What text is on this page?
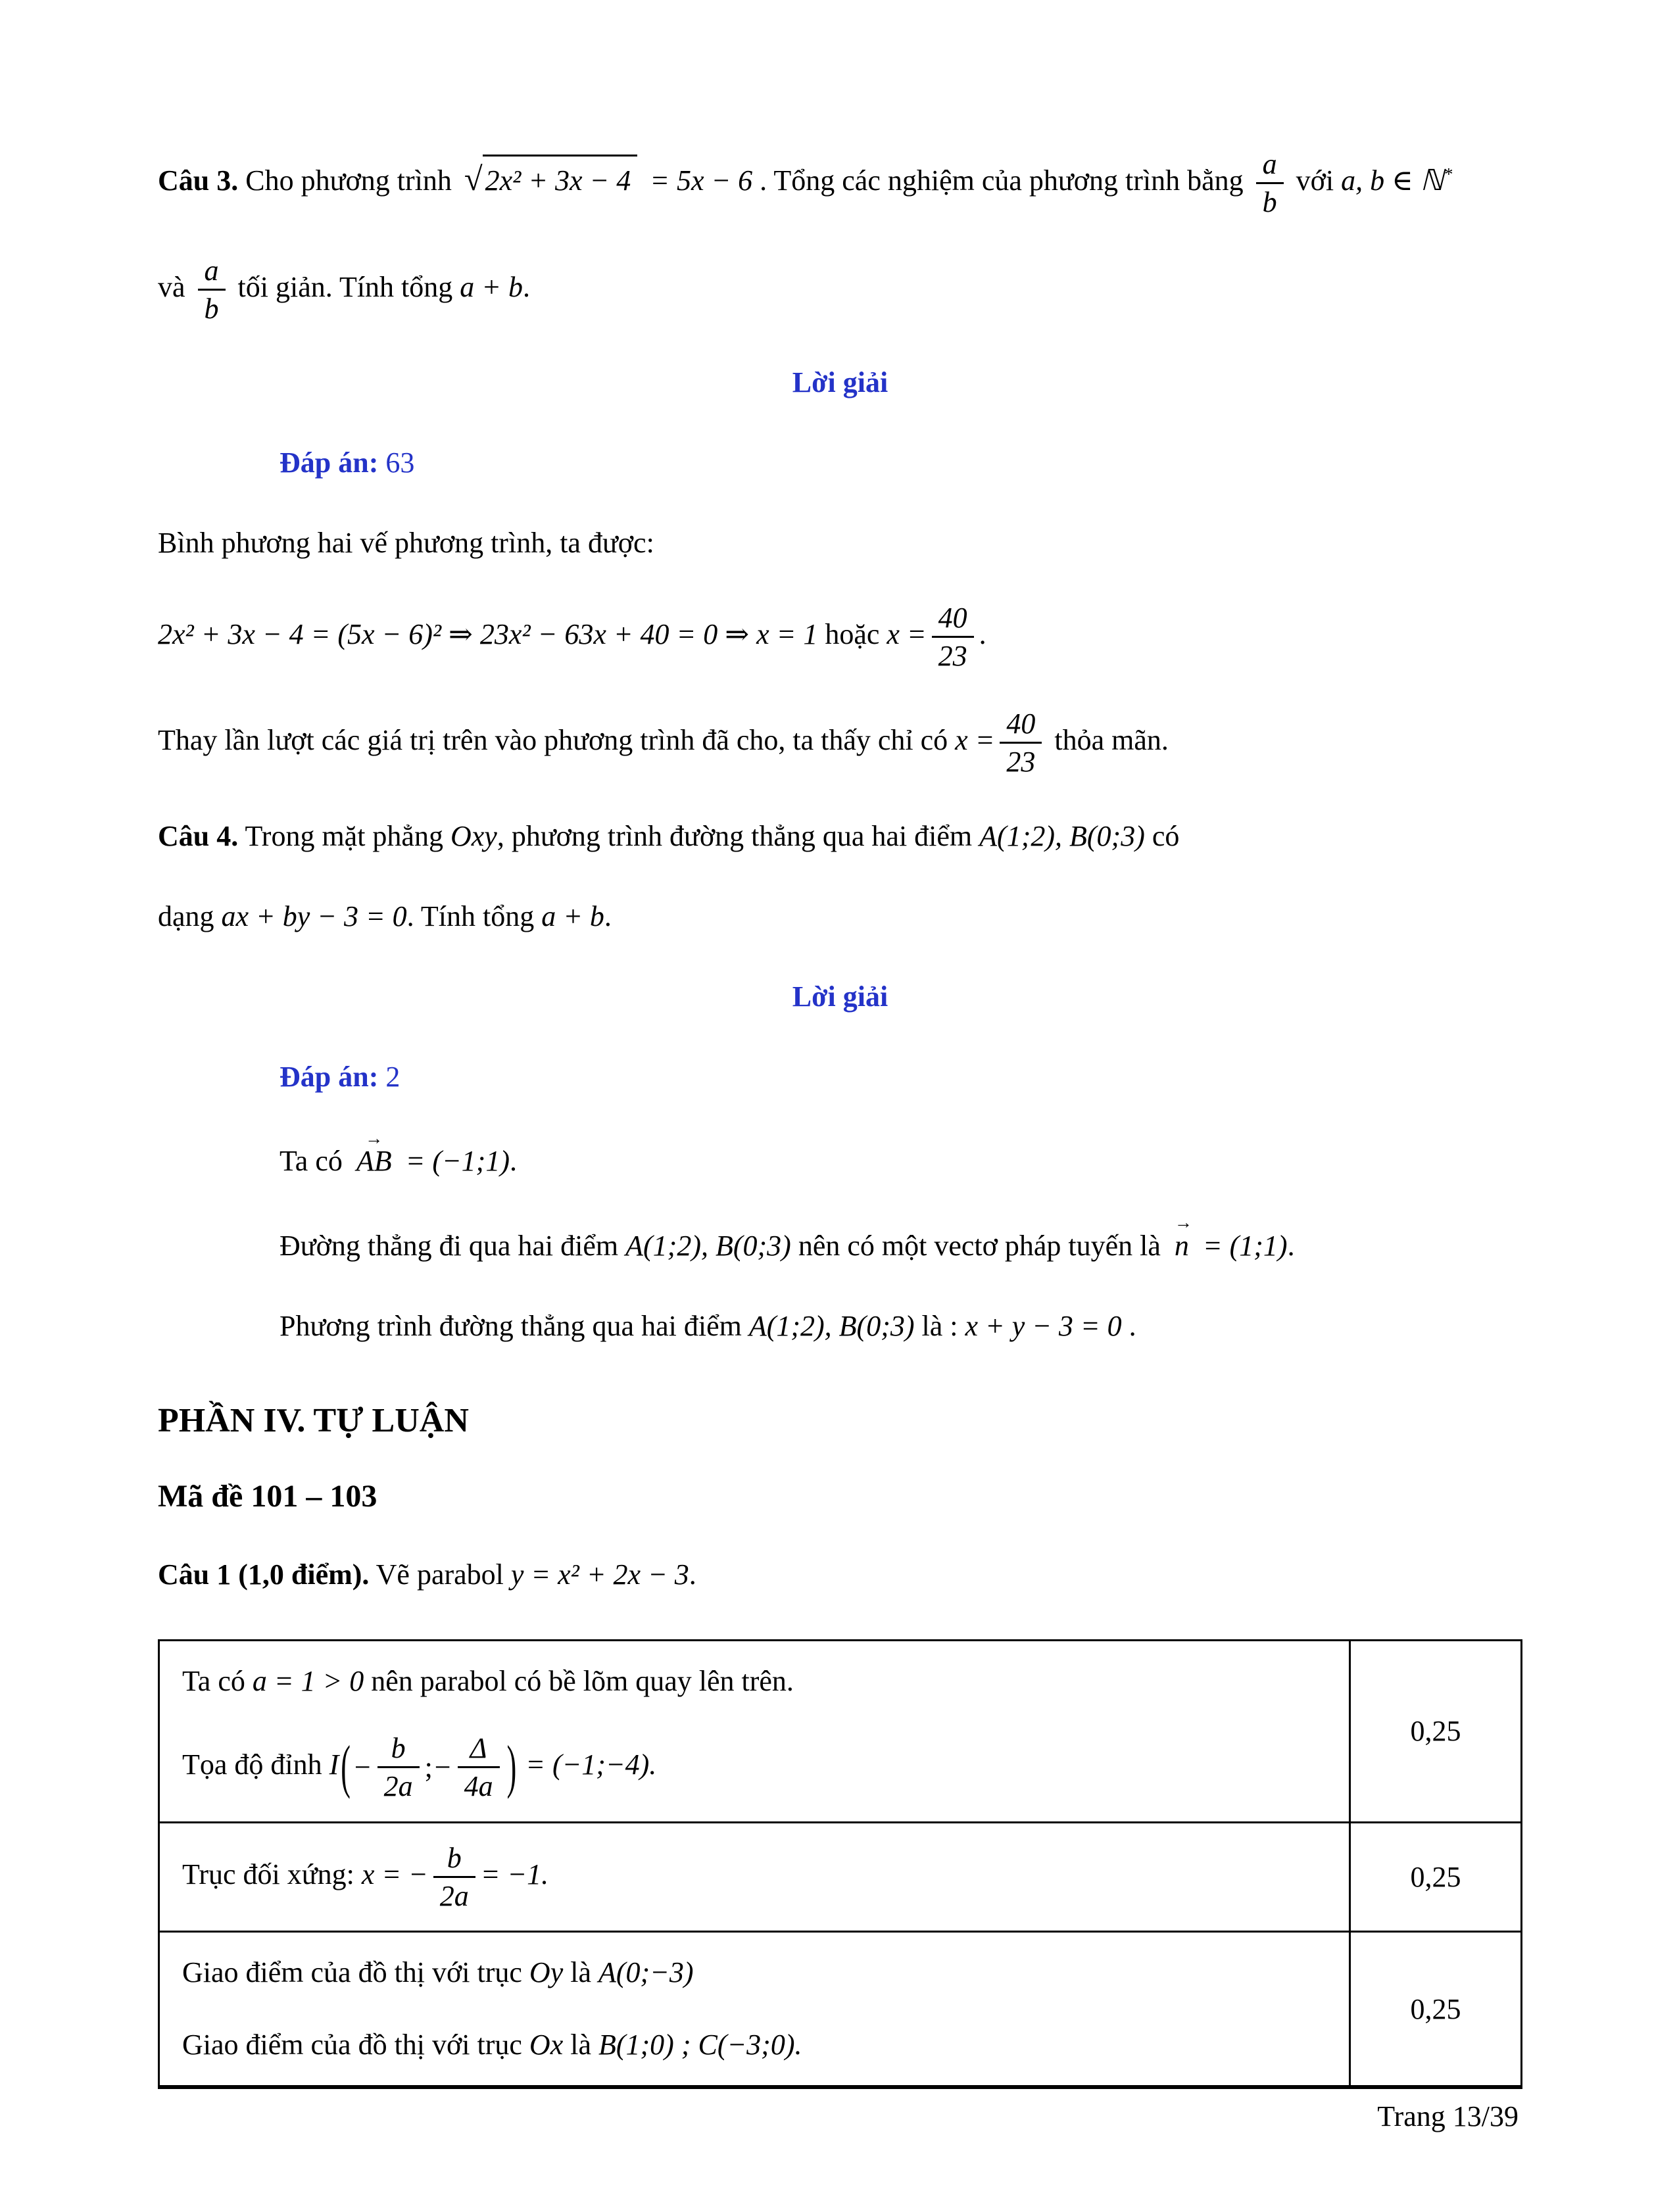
Câu 3. Cho phương trình √2x² + 3x − 4 = 5x − 6 . Tổng các nghiệm của phương trình bằng $\frac{a}{b}$ với a, b ∈ ℕ*
và $\frac{a}{b}$ tối giản. Tính tổng a + b.
Lời giải
Đáp án: 63
Bình phương hai vế phương trình, ta được:
2x² + 3x − 4 = (5x − 6)² ⇒ 23x² − 63x + 40 = 0 ⇒ x = 1 hoặc $x = \frac{40}{23}$ .
Thay lần lượt các giá trị trên vào phương trình đã cho, ta thấy chỉ có $x = \frac{40}{23}$ thỏa mãn.
Câu 4. Trong mặt phẳng Oxy, phương trình đường thẳng qua hai điểm A(1;2), B(0;3) có
dạng ax + by − 3 = 0. Tính tổng a + b.
Lời giải
Đáp án: 2
Ta có
→
AB = (−1;1).
Đường thẳng đi qua hai điểm A(1;2), B(0;3) nên có một vectơ pháp tuyến là
→
n = (1;1).
Phương trình đường thẳng qua hai điểm A(1;2), B(0;3) là : x + y − 3 = 0 .
PHẦN IV. TỰ LUẬN
Mã đề 101 – 103
Câu 1 (1,0 điểm). Vẽ parabol y = x² + 2x − 3.
Ta có a = 1 > 0 nên parabol có bề lõm quay lên trên.
Tọa độ đỉnh $I(- \frac{b}{2a}$ ;− $\frac{\Delta}{4a}$ ) = (−1;−4).
	0,25

Trục đối xứng: x = − $\frac{b}{2a} = -1$.	0,25

Giao điểm của đồ thị với trục Oy là A(0;−3)
Giao điểm của đồ thị với trục Ox là B(1;0) ; C(−3;0).	0,25
Trang 13/39
